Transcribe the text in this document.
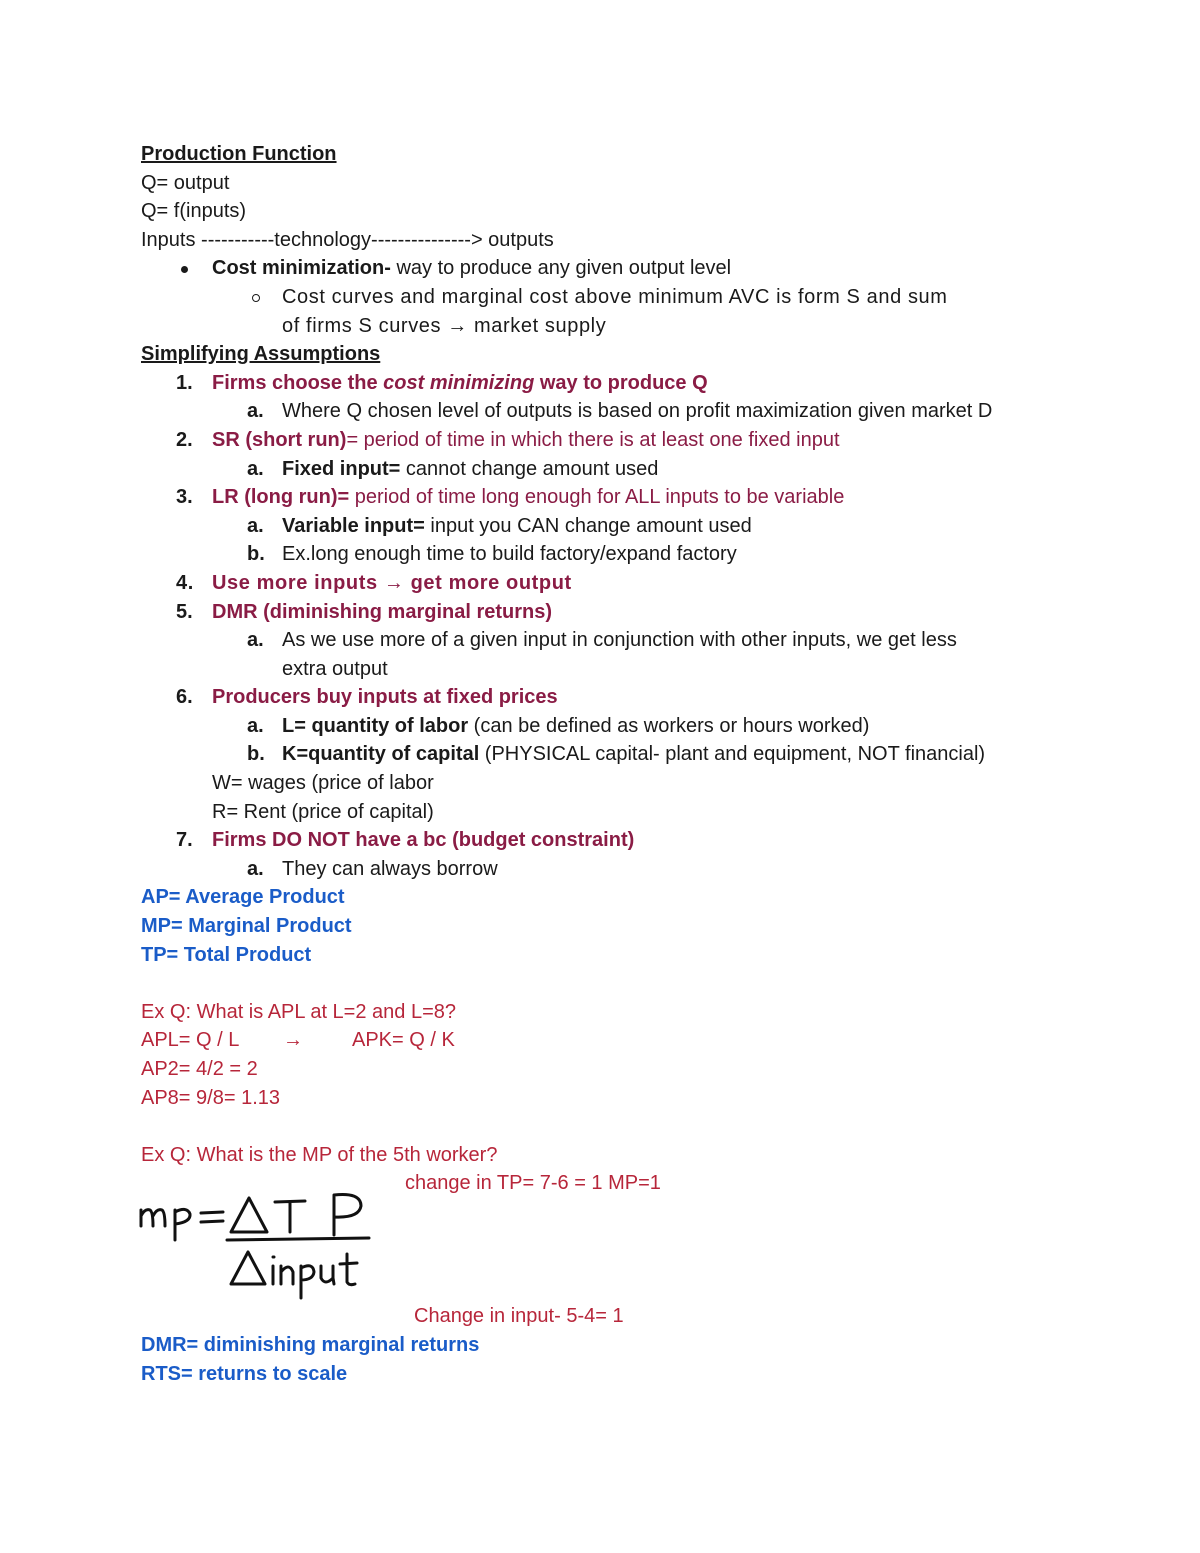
Production Function
Q= output
Q= f(inputs)
Inputs -----------technology---------------> outputs
Cost minimization- way to produce any given output level
Cost curves and marginal cost above minimum AVC is form S and sum
of firms S curves → market supply
Simplifying Assumptions
1. Firms choose the cost minimizing way to produce Q
a. Where Q chosen level of outputs is based on profit maximization given market D
2. SR (short run)= period of time in which there is at least one fixed input
a. Fixed input= cannot change amount used
3. LR (long run)= period of time long enough for ALL inputs to be variable
a. Variable input= input you CAN change amount used
b. Ex.long enough time to build factory/expand factory
4. Use more inputs → get more output
5. DMR (diminishing marginal returns)
a. As we use more of a given input in conjunction with other inputs, we get less
extra output
6. Producers buy inputs at fixed prices
a. L= quantity of labor (can be defined as workers or hours worked)
b. K=quantity of capital (PHYSICAL capital- plant and equipment, NOT financial)
W= wages (price of labor
R= Rent (price of capital)
7. Firms DO NOT have a bc (budget constraint)
a. They can always borrow
AP= Average Product
MP= Marginal Product
TP= Total Product
Ex Q: What is APL at L=2 and L=8?
APL= Q / L → APK= Q / K
AP2= 4/2 = 2
AP8= 9/8= 1.13
Ex Q: What is the MP of the 5th worker?
change in TP= 7-6 = 1 MP=1
Change in input- 5-4= 1
DMR= diminishing marginal returns
RTS= returns to scale
